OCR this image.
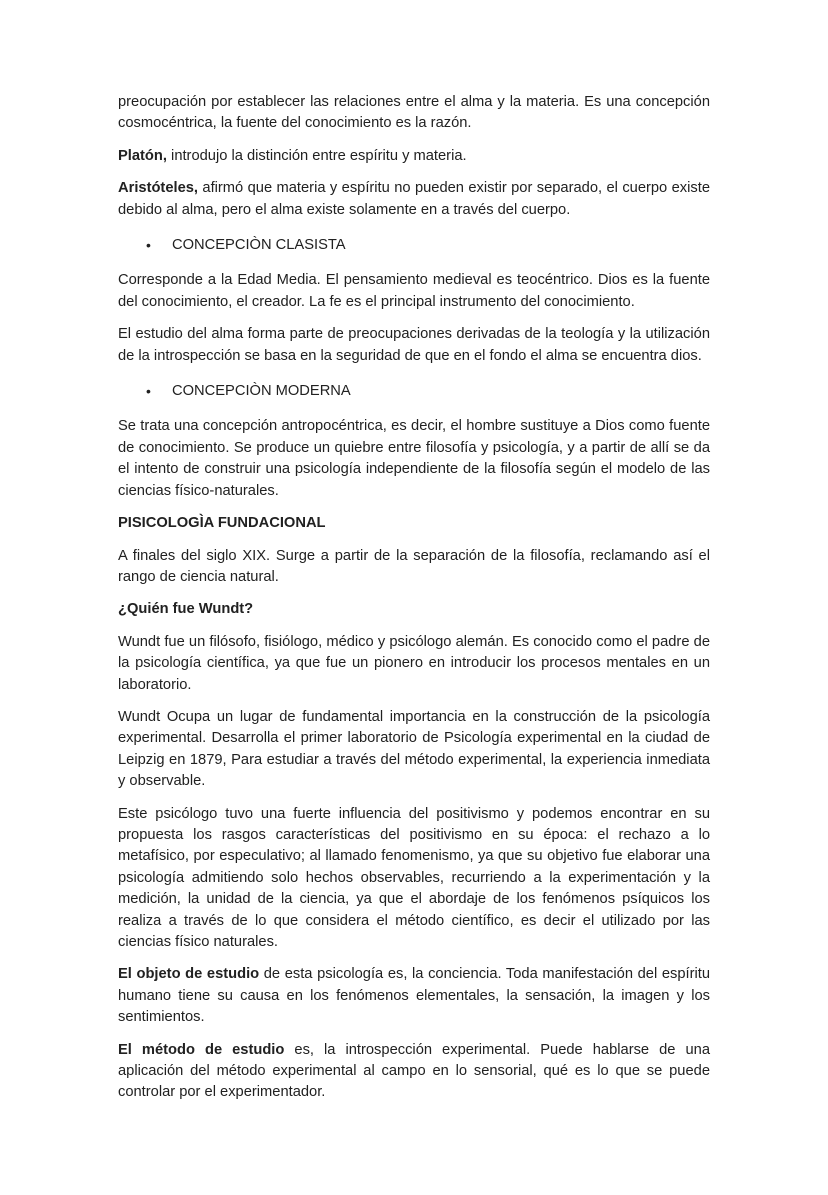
preocupación por establecer las relaciones entre el alma y la materia. Es una concepción cosmocéntrica, la fuente del conocimiento es la razón.

Platón, introdujo la distinción entre espíritu y materia.

Aristóteles, afirmó que materia y espíritu no pueden existir por separado, el cuerpo existe debido al alma, pero el alma existe solamente en a través del cuerpo.

•	CONCEPCIÒN CLASISTA

Corresponde a la Edad Media. El pensamiento medieval es teocéntrico. Dios es la fuente del conocimiento, el creador. La fe es el principal instrumento del conocimiento.

El estudio del alma forma parte de preocupaciones derivadas de la teología y la utilización de la introspección se basa en la seguridad de que en el fondo el alma se encuentra dios.

•	CONCEPCIÒN MODERNA

Se trata una concepción antropocéntrica, es decir, el hombre sustituye a Dios como fuente de conocimiento. Se produce un quiebre entre filosofía y psicología, y a partir de allí se da el intento de construir una psicología independiente de la filosofía según el modelo de las ciencias físico-naturales.

PISICOLOGÌA FUNDACIONAL

A finales del siglo XIX. Surge a partir de la separación de la filosofía, reclamando así el rango de ciencia natural.

¿Quién fue Wundt?

Wundt fue un filósofo, fisiólogo, médico y psicólogo alemán. Es conocido como el padre de la psicología científica, ya que fue un pionero en introducir los procesos mentales en un laboratorio.

Wundt Ocupa un lugar de fundamental importancia en la construcción de la psicología experimental. Desarrolla el primer laboratorio de Psicología experimental en la ciudad de Leipzig en 1879, Para estudiar a través del método experimental, la experiencia inmediata y observable.

Este psicólogo tuvo una fuerte influencia del positivismo y podemos encontrar en su propuesta los rasgos características del positivismo en su época: el rechazo a lo metafísico, por especulativo; al llamado fenomenismo, ya que su objetivo fue elaborar una psicología admitiendo solo hechos observables, recurriendo a la experimentación y la medición, la unidad de la ciencia, ya que el abordaje de los fenómenos psíquicos los realiza a través de lo que considera el método científico, es decir el utilizado por las ciencias físico naturales.

El objeto de estudio de esta psicología es, la conciencia. Toda manifestación del espíritu humano tiene su causa en los fenómenos elementales, la sensación, la imagen y los sentimientos.

El método de estudio es, la introspección experimental. Puede hablarse de una aplicación del método experimental al campo en lo sensorial, qué es lo que se puede controlar por el experimentador.
